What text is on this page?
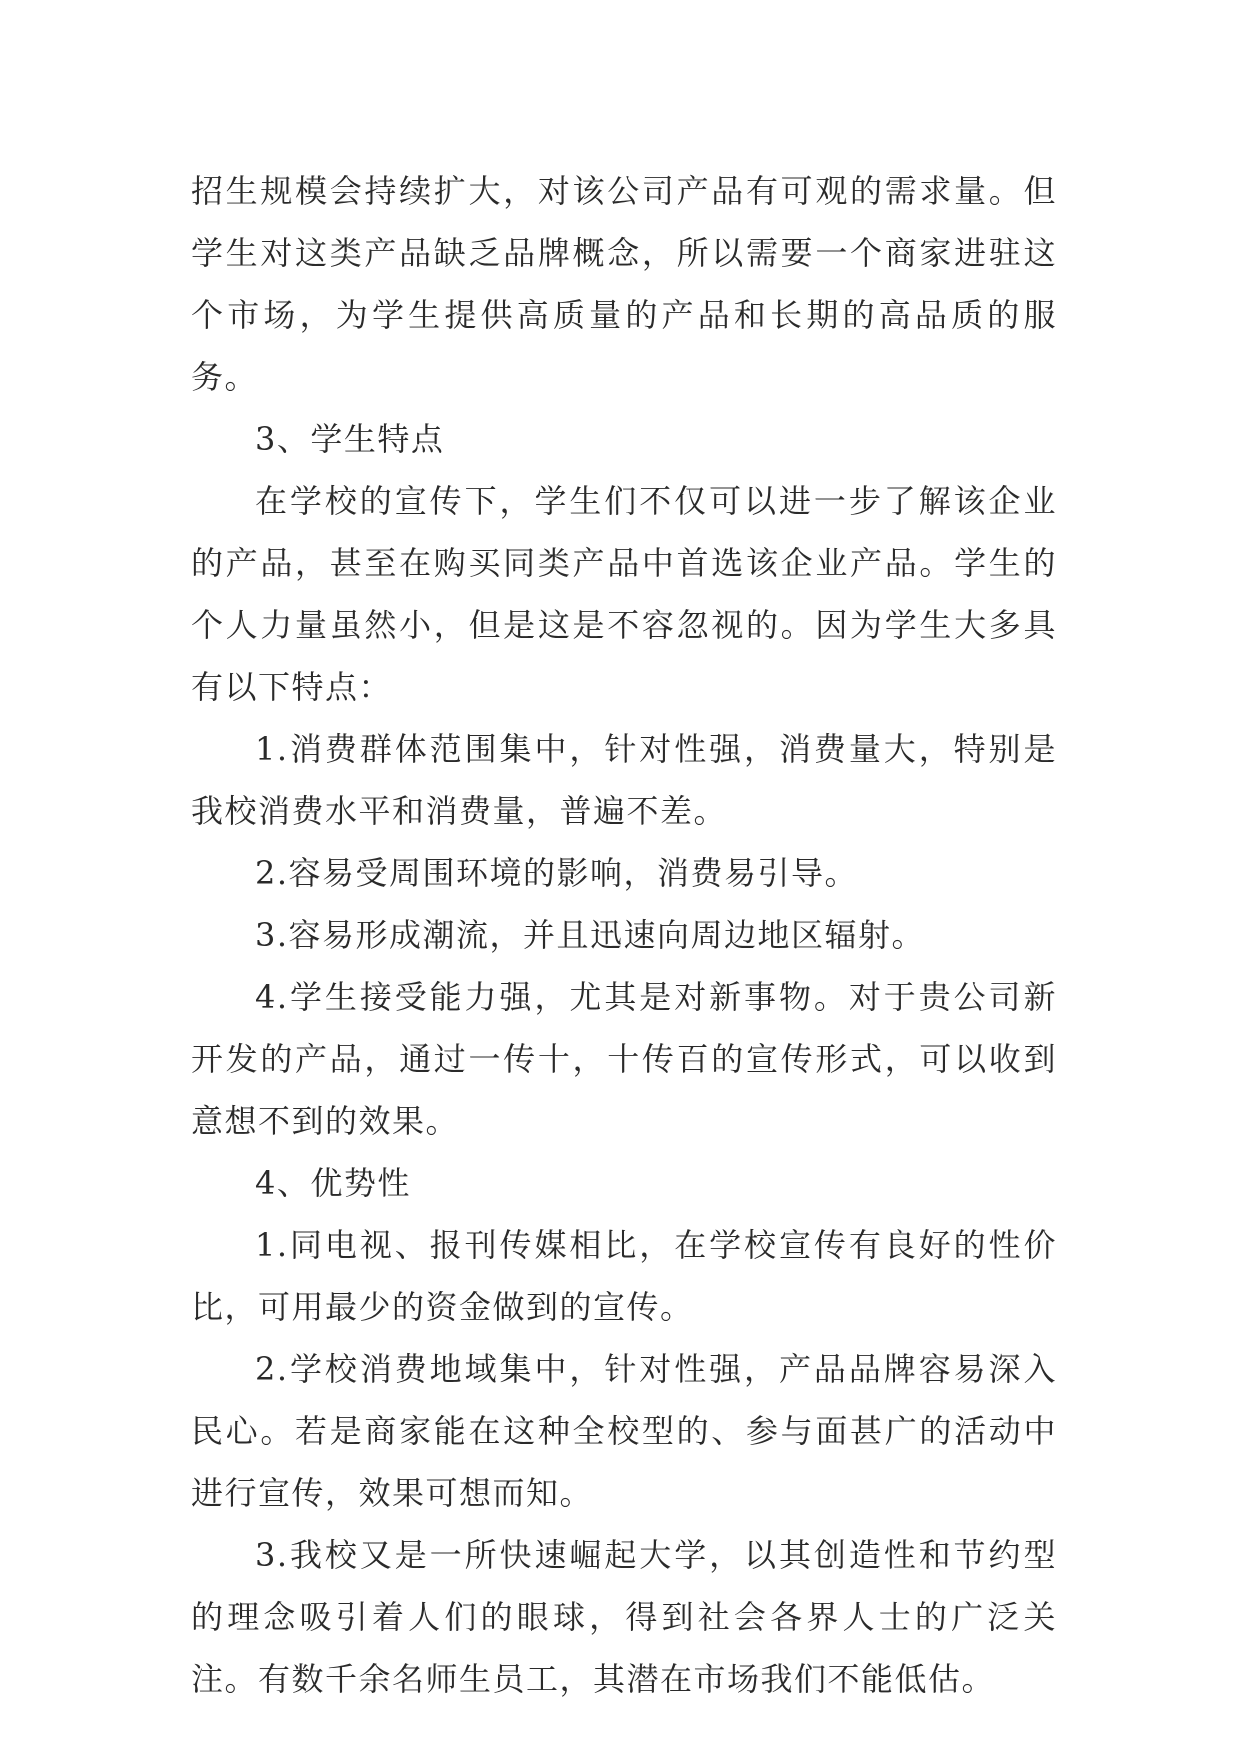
招生规模会持续扩大，对该公司产品有可观的需求量。但学生对这类产品缺乏品牌概念，所以需要一个商家进驻这个市场，为学生提供高质量的产品和长期的高品质的服务。

3、学生特点

在学校的宣传下，学生们不仅可以进一步了解该企业的产品，甚至在购买同类产品中首选该企业产品。学生的个人力量虽然小，但是这是不容忽视的。因为学生大多具有以下特点：

1.消费群体范围集中，针对性强，消费量大，特别是我校消费水平和消费量，普遍不差。

2.容易受周围环境的影响，消费易引导。

3.容易形成潮流，并且迅速向周边地区辐射。

4.学生接受能力强，尤其是对新事物。对于贵公司新开发的产品，通过一传十，十传百的宣传形式，可以收到意想不到的效果。

4、优势性

1.同电视、报刊传媒相比，在学校宣传有良好的性价比，可用最少的资金做到的宣传。

2.学校消费地域集中，针对性强，产品品牌容易深入民心。若是商家能在这种全校型的、参与面甚广的活动中进行宣传，效果可想而知。

3.我校又是一所快速崛起大学，以其创造性和节约型的理念吸引着人们的眼球，得到社会各界人士的广泛关注。有数千余名师生员工，其潜在市场我们不能低估。
